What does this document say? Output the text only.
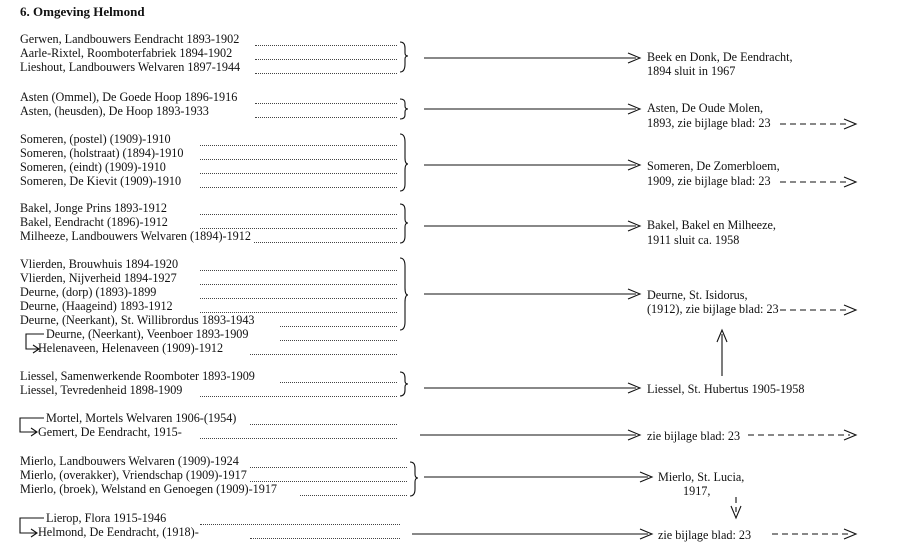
6. Omgeving Helmond
Gerwen, Landbouwers Eendracht 1893-1902
Aarle-Rixtel, Roomboterfabriek 1894-1902
Lieshout, Landbouwers Welvaren 1897-1944
Asten (Ommel), De Goede Hoop 1896-1916
Asten, (heusden), De Hoop 1893-1933
Someren, (postel) (1909)-1910
Someren, (holstraat) (1894)-1910
Someren, (eindt) (1909)-1910
Someren, De Kievit (1909)-1910
Bakel, Jonge Prins 1893-1912
Bakel, Eendracht (1896)-1912
Milheeze, Landbouwers Welvaren (1894)-1912
Vlierden, Brouwhuis 1894-1920
Vlierden, Nijverheid 1894-1927
Deurne, (dorp) (1893)-1899
Deurne, (Haageind) 1893-1912
Deurne, (Neerkant), St. Willibrordus 1893-1943
Deurne, (Neerkant), Veenboer 1893-1909
Helenaveen, Helenaveen (1909)-1912
Liessel, Samenwerkende Roomboter 1893-1909
Liessel, Tevredenheid 1898-1909
Mortel, Mortels Welvaren 1906-(1954)
Gemert, De Eendracht, 1915-
Mierlo, Landbouwers Welvaren (1909)-1924
Mierlo, (overakker), Vriendschap (1909)-1917
Mierlo, (broek), Welstand en Genoegen (1909)-1917
Lierop, Flora 1915-1946
Helmond, De Eendracht, (1918)-
Beek en Donk, De Eendracht,
1894 sluit in 1967
Asten, De Oude Molen,
1893, zie bijlage blad: 23
Someren, De Zomerbloem,
1909, zie bijlage blad: 23
Bakel, Bakel en Milheeze,
1911 sluit ca. 1958
Deurne, St. Isidorus,
(1912), zie bijlage blad: 23
Liessel, St. Hubertus 1905-1958
zie bijlage blad: 23
Mierlo, St. Lucia,
1917,
zie bijlage blad: 23
